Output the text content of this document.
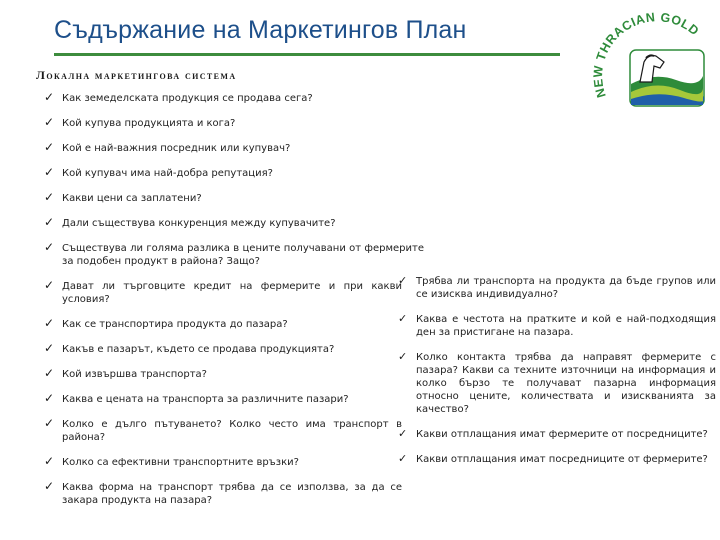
Съдържание на Маркетингов План
NEW THRACIAN GOLD
Локална маркетингова система
✓ Как земеделската продукция се продава сега?
✓ Кой купува продукцията и кога?
✓ Кой е най-важния посредник или купувач?
✓ Кой купувач има най-добра репутация?
✓ Какви цени са заплатени?
✓ Дали съществува конкуренция между купувачите?
✓ Съществува ли голяма разлика в цените получавани от фермерите за подобен продукт в района? Защо?
✓ Дават ли търговците кредит на фермерите и при какви условия?
✓ Как се транспортира продукта до пазара?
✓ Какъв е пазарът, където се продава продукцията?
✓ Кой извършва транспорта?
✓ Каква е цената на транспорта за различните пазари?
✓ Колко е дълго пътуването? Колко често има транспорт в района?
✓ Колко са ефективни транспортните връзки?
✓ Каква форма на транспорт трябва да се използва, за да се закара продукта на пазара?
✓ Трябва ли транспорта на продукта да бъде групов или се изисква индивидуално?
✓ Каква е честота на пратките и кой е най-подходящия ден за пристигане на пазара.
✓ Колко контакта трябва да направят фермерите с пазара? Какви са техните източници на информация и колко бързо те получават пазарна информация относно цените, количествата и изискванията за качество?
✓ Какви отплащания имат фермерите от посредниците?
✓ Какви отплащания имат посредниците от фермерите?
